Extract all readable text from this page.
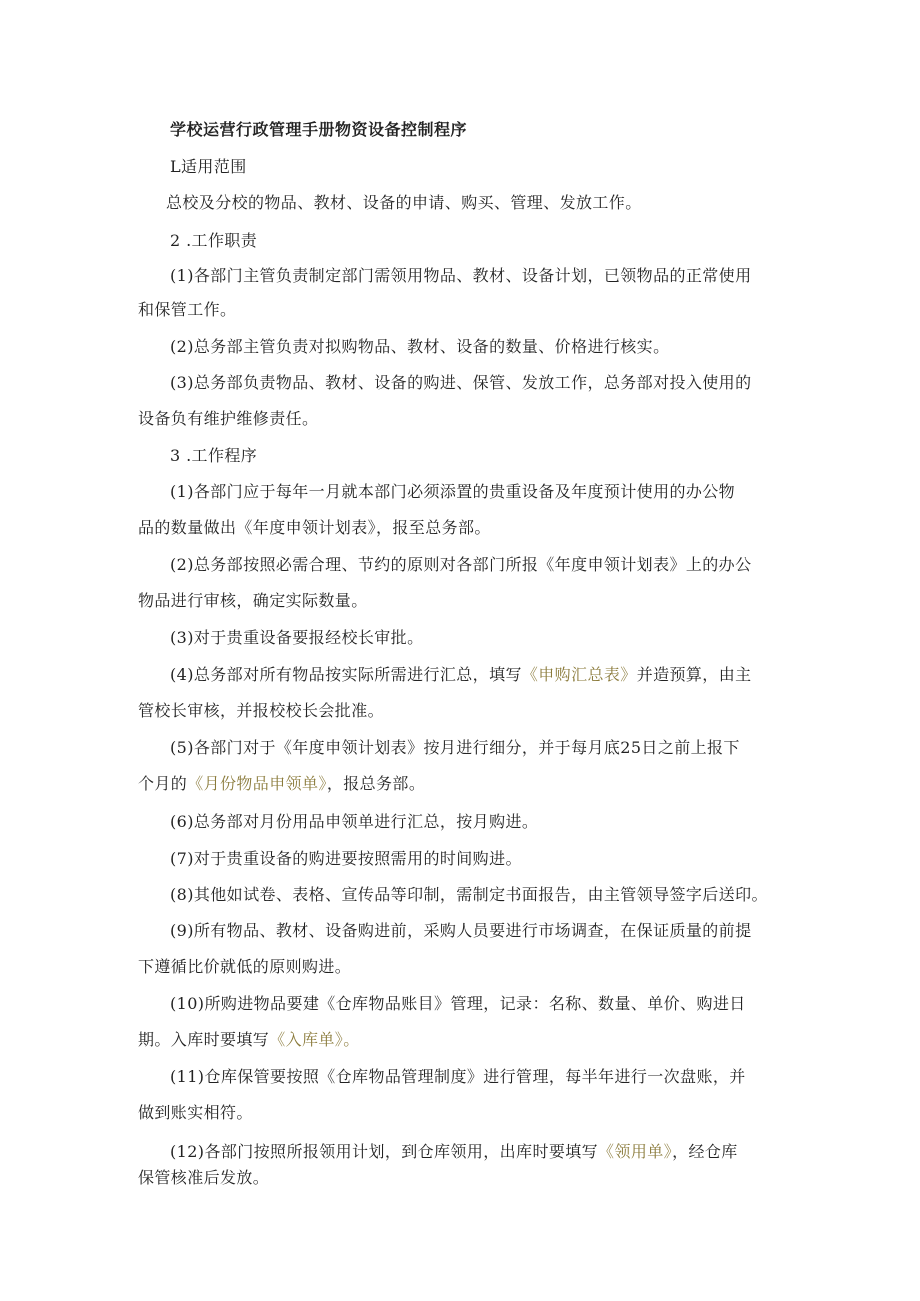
学校运营行政管理手册物资设备控制程序
L适用范围
总校及分校的物品、教材、设备的申请、购买、管理、发放工作。
2 .工作职责
(1)各部门主管负责制定部门需领用物品、教材、设备计划，已领物品的正常使用
和保管工作。
(2)总务部主管负责对拟购物品、教材、设备的数量、价格进行核实。
(3)总务部负责物品、教材、设备的购进、保管、发放工作，总务部对投入使用的
设备负有维护维修责任。
3 .工作程序
(1)各部门应于每年一月就本部门必须添置的贵重设备及年度预计使用的办公物
品的数量做出《年度申领计划表》，报至总务部。
(2)总务部按照必需合理、节约的原则对各部门所报《年度申领计划表》上的办公
物品进行审核，确定实际数量。
(3)对于贵重设备要报经校长审批。
(4)总务部对所有物品按实际所需进行汇总，填写《申购汇总表》并造预算，由主
管校长审核，并报校校长会批准。
(5)各部门对于《年度申领计划表》按月进行细分，并于每月底25日之前上报下
个月的《月份物品申领单》，报总务部。
(6)总务部对月份用品申领单进行汇总，按月购进。
(7)对于贵重设备的购进要按照需用的时间购进。
(8)其他如试卷、表格、宣传品等印制，需制定书面报告，由主管领导签字后送印。
(9)所有物品、教材、设备购进前，采购人员要进行市场调查，在保证质量的前提
下遵循比价就低的原则购进。
(10)所购进物品要建《仓库物品账目》管理，记录：名称、数量、单价、购进日
期。入库时要填写《入库单》。
(11)仓库保管要按照《仓库物品管理制度》进行管理，每半年进行一次盘账，并
做到账实相符。
(12)各部门按照所报领用计划，到仓库领用，出库时要填写《领用单》，经仓库
保管核准后发放。
